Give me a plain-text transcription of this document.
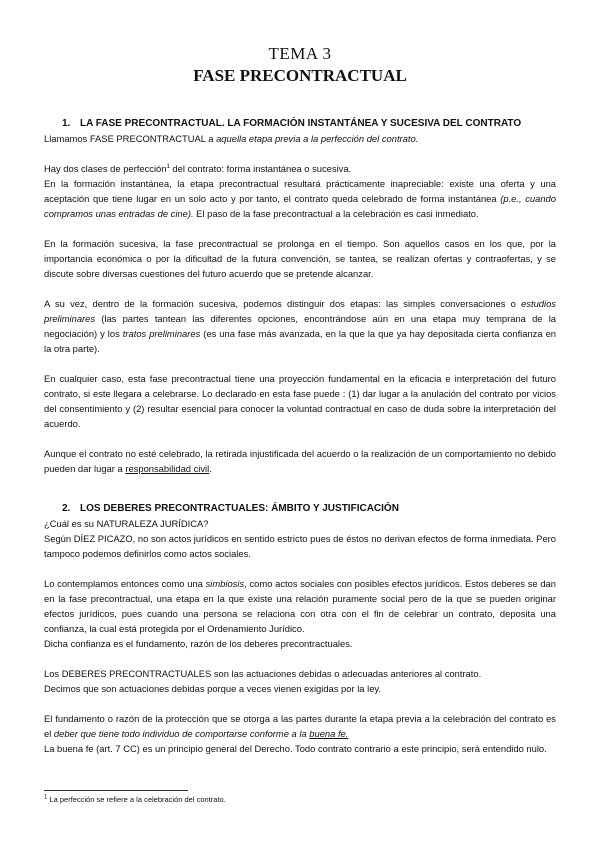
TEMA 3
FASE PRECONTRACTUAL
1. LA FASE PRECONTRACTUAL. LA FORMACIÓN INSTANTÁNEA Y SUCESIVA DEL CONTRATO

Llamamos FASE PRECONTRACTUAL a aquella etapa previa a la perfección del contrato.

Hay dos clases de perfección$^1$ del contrato: forma instantánea o sucesiva.

En la formación instantánea, la etapa precontractual resultará prácticamente inapreciable: existe una oferta y una aceptación que tiene lugar en un solo acto y por tanto, el contrato queda celebrado de forma instantánea (p.e., cuando compramos unas entradas de cine). El paso de la fase precontractual a la celebración es casi inmediato.

En la formación sucesiva, la fase precontractual se prolonga en el tiempo. Son aquellos casos en los que, por la importancia económica o por la dificultad de la futura convención, se tantea, se realizan ofertas y contraofertas, y se discute sobre diversas cuestiones del futuro acuerdo que se pretende alcanzar.

A su vez, dentro de la formación sucesiva, podemos distinguir dos etapas: las simples conversaciones o estudios preliminares (las partes tantean las diferentes opciones, encontrándose aún en una etapa muy temprana de la negociación) y los tratos preliminares (es una fase más avanzada, en la que la que ya hay depositada cierta confianza en la otra parte).

En cualquier caso, esta fase precontractual tiene una proyección fundamental en la eficacia e interpretación del futuro contrato, si este llegara a celebrarse. Lo declarado en esta fase puede : (1) dar lugar a la anulación del contrato por vicios del consentimiento y (2) resultar esencial para conocer la voluntad contractual en caso de duda sobre la interpretación del acuerdo.

Aunque el contrato no esté celebrado, la retirada injustificada del acuerdo o la realización de un comportamiento no debido pueden dar lugar a responsabilidad civil.

2. LOS DEBERES PRECONTRACTUALES: ÁMBITO Y JUSTIFICACIÓN

¿Cuál es su NATURALEZA JURÍDICA?

Según DÍEZ PICAZO, no son actos jurídicos en sentido estricto pues de éstos no derivan efectos de forma inmediata. Pero tampoco podemos definirlos como actos sociales.

Lo contemplamos entonces como una simbiosis, como actos sociales con posibles efectos jurídicos. Estos deberes se dan en la fase precontractual, una etapa en la que existe una relación puramente social pero de la que se pueden originar efectos jurídicos, pues cuando una persona se relaciona con otra con el fin de celebrar un contrato, deposita una confianza, la cual está protegida por el Ordenamiento Jurídico.

Dicha confianza es el fundamento, razón de los deberes precontractuales.

Los DEBERES PRECONTRACTUALES son las actuaciones debidas o adecuadas anteriores al contrato.

Decimos que son actuaciones debidas porque a veces vienen exigidas por la ley.

El fundamento o razón de la protección que se otorga a las partes durante la etapa previa a la celebración del contrato es el deber que tiene todo individuo de comportarse conforme a la buena fe.

La buena fe (art. 7 CC) es un principio general del Derecho. Todo contrato contrario a este principio, será entendido nulo.

$^1$ La perfección se refiere a la celebración del contrato.
